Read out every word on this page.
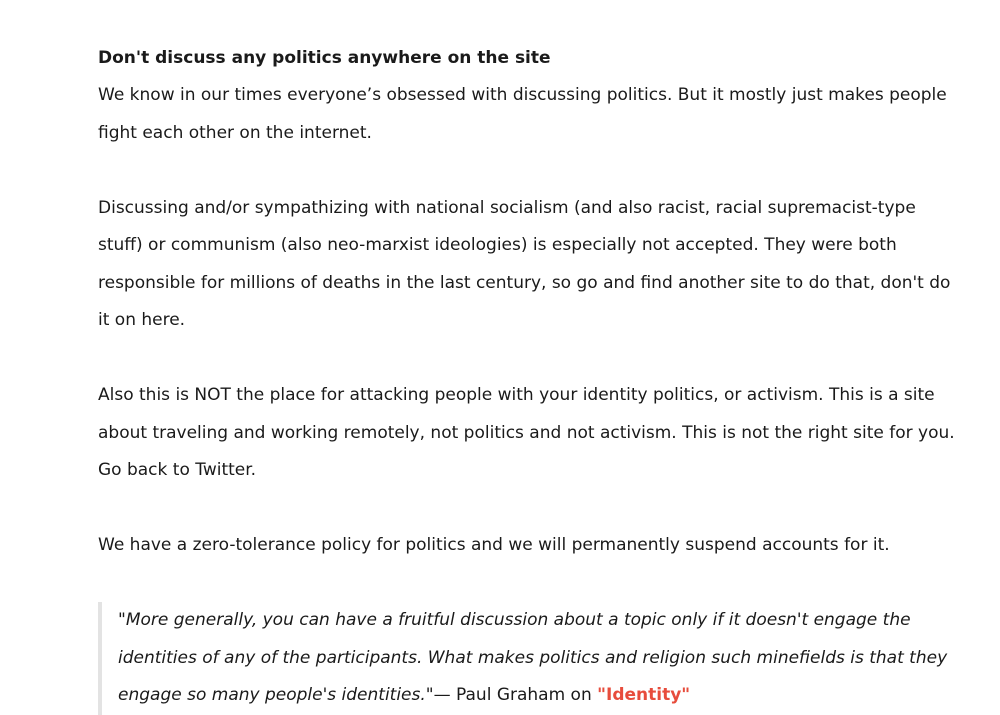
Don't discuss any politics anywhere on the site

We know in our times everyone’s obsessed with discussing politics. But it mostly just makes people fight each other on the internet.

Discussing and/or sympathizing with national socialism (and also racist, racial supremacist-type stuff) or communism (also neo-marxist ideologies) is especially not accepted. They were both responsible for millions of deaths in the last century, so go and find another site to do that, don't do it on here.

Also this is NOT the place for attacking people with your identity politics, or activism. This is a site about traveling and working remotely, not politics and not activism. This is not the right site for you. Go back to Twitter.

We have a zero-tolerance policy for politics and we will permanently suspend accounts for it.

"More generally, you can have a fruitful discussion about a topic only if it doesn't engage the identities of any of the participants. What makes politics and religion such minefields is that they engage so many people's identities."— Paul Graham on "Identity"
